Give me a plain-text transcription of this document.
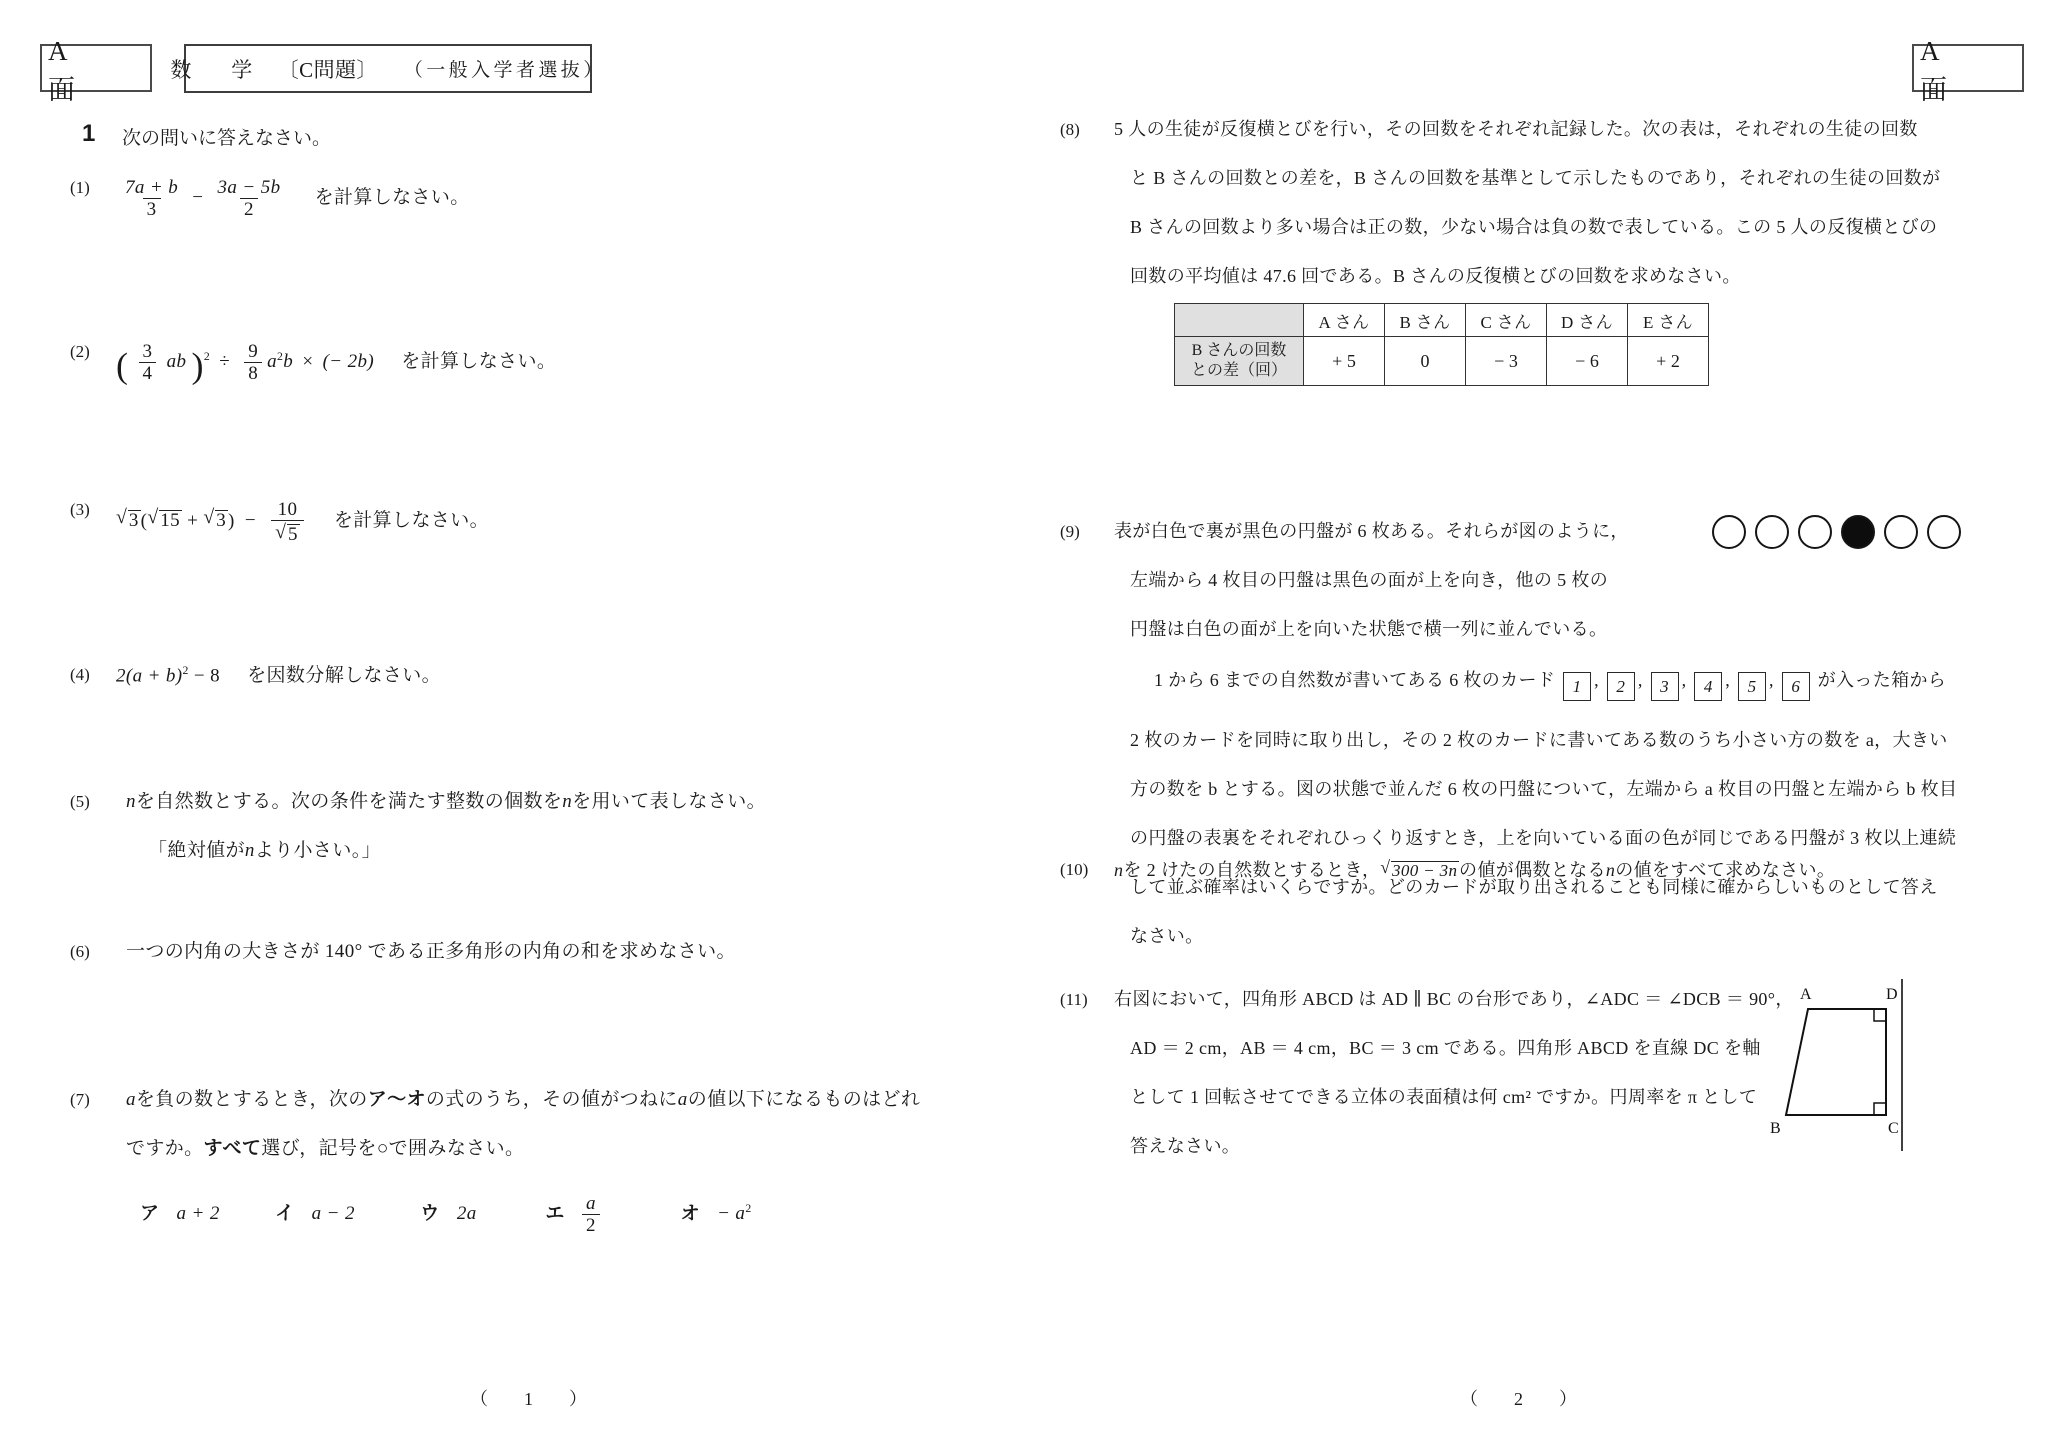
A　面
A　面
数　学 〔C問題〕 （一般入学者選抜）
1 次の問いに答えなさい。
(1)	$\frac{7a + b}{3} - \frac{3a - 5b}{2}$ を計算しなさい。
(2) ( $\frac{3}{4}$ ab )$^2 \div \frac{9}{8} a^2b$ × (− 2b) を計算しなさい。
(3)
√ 3( √ 15 + √ 3) − 10
√ 5 を計算しなさい。
(4)	$2(a + b)^2 - 8$ を因数分解しなさい。
(5)	nを自然数とする。次の条件を満たす整数の個数をnを用いて表しなさい。
「絶対値がnより小さい。」
(6)	一つの内角の大きさが 140° である正多角形の内角の和を求めなさい。
(7)	aを負の数とするとき，次のア〜オの式のうち，その値がつねにaの値以下になるものはどれ
ですか。すべて選び，記号を○で囲みなさい。
ア a + 2	イ a − 2	ウ 2a	エ $\frac{a}{2}$	オ − $a^2$
（　1　）
(8)	5 人の生徒が反復横とびを行い，その回数をそれぞれ記録した。次の表は，それぞれの生徒の回数
と B さんの回数との差を，B さんの回数を基準として示したものであり，それぞれの生徒の回数が
B さんの回数より多い場合は正の数，少ない場合は負の数で表している。この 5 人の反復横とびの
回数の平均値は 47.6 回である。B さんの反復横とびの回数を求めなさい。
	A さん	B さん	C さん	D さん	E さん

B さんの回数
との差（回）	+ 5	0	− 3	− 6	+ 2
(9)	表が白色で裏が黒色の円盤が 6 枚ある。それらが図のように，
左端から 4 枚目の円盤は黒色の面が上を向き，他の 5 枚の
円盤は白色の面が上を向いた状態で横一列に並んでいる。
1 から 6 までの自然数が書いてある 6 枚のカード 1 , 2 , 3 , 4 , 5 , 6 が入った箱から
2 枚のカードを同時に取り出し，その 2 枚のカードに書いてある数のうち小さい方の数を a，大きい
方の数を b とする。図の状態で並んだ 6 枚の円盤について，左端から a 枚目の円盤と左端から b 枚目
の円盤の表裏をそれぞれひっくり返すとき，上を向いている面の色が同じである円盤が 3 枚以上連続
して並ぶ確率はいくらですか。どのカードが取り出されることも同様に確からしいものとして答え
なさい。
(10)	nを 2 けたの自然数とするとき， √ 300 − 3nの値が偶数となるnの値をすべて求めなさい。
(11)	右図において，四角形 ABCD は AD ∥ BC の台形であり，∠ADC ＝ ∠DCB ＝ 90°，
AD ＝ 2 cm，AB ＝ 4 cm，BC ＝ 3 cm である。四角形 ABCD を直線 DC を軸
として 1 回転させてできる立体の表面積は何 cm² ですか。円周率を π として
答えなさい。
A	D
B	C
（　2　）
